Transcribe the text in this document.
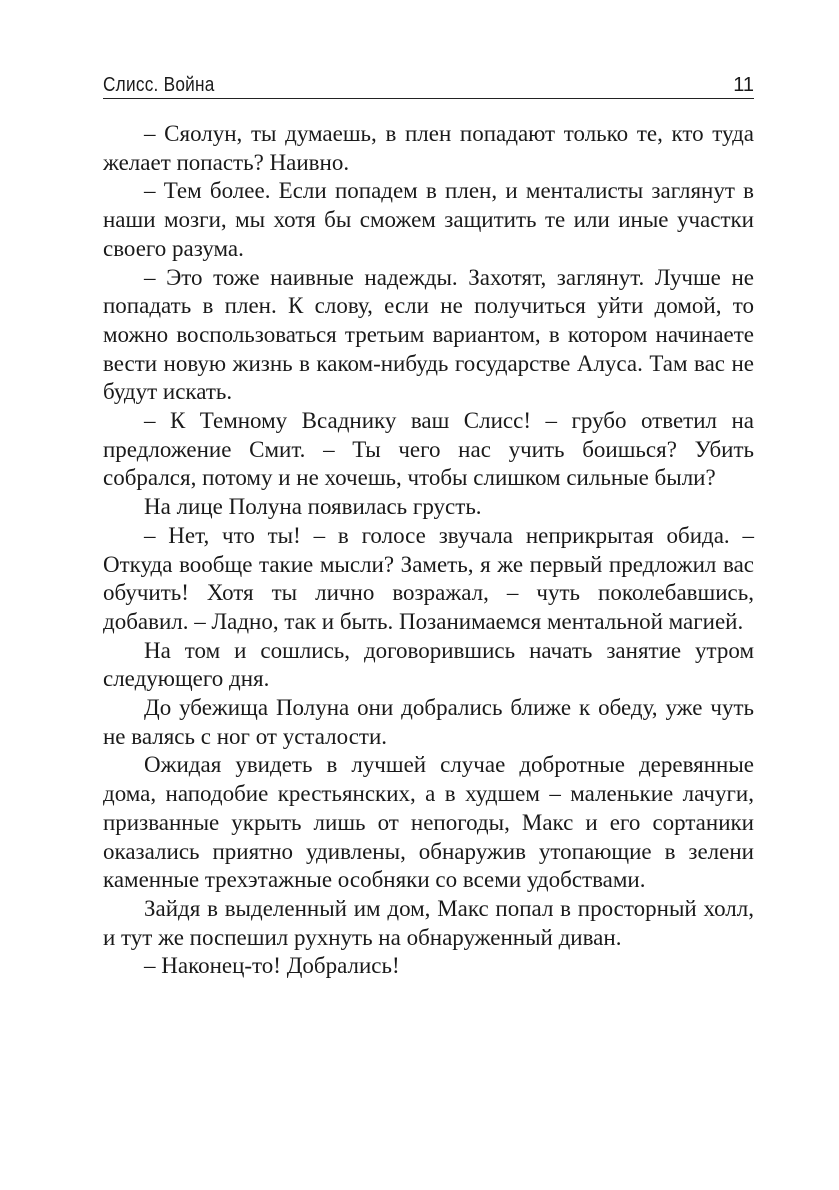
Слисс. Война	11

– Сяолун, ты думаешь, в плен попадают только те, кто туда желает попасть? Наивно.

– Тем более. Если попадем в плен, и менталисты заглянут в наши мозги, мы хотя бы сможем защитить те или иные участки своего разума.

– Это тоже наивные надежды. Захотят, заглянут. Лучше не попадать в плен. К слову, если не получиться уйти домой, то можно воспользоваться третьим вариантом, в котором начинаете вести новую жизнь в каком-нибудь государстве Алуса. Там вас не будут искать.

– К Темному Всаднику ваш Слисс! – грубо ответил на предложение Смит. – Ты чего нас учить боишься? Убить собрался, потому и не хочешь, чтобы слишком сильные были?

На лице Полуна появилась грусть.

– Нет, что ты! – в голосе звучала неприкрытая обида. – Откуда вообще такие мысли? Заметь, я же первый предложил вас обучить! Хотя ты лично возражал, – чуть поколебавшись, добавил. – Ладно, так и быть. Позанимаемся ментальной магией.

На том и сошлись, договорившись начать занятие утром следующего дня.

До убежища Полуна они добрались ближе к обеду, уже чуть не валясь с ног от усталости.

Ожидая увидеть в лучшей случае добротные деревянные дома, наподобие крестьянских, а в худшем – маленькие лачуги, призванные укрыть лишь от непогоды, Макс и его сортаники оказались приятно удивлены, обнаружив утопающие в зелени каменные трехэтажные особняки со всеми удобствами.

Зайдя в выделенный им дом, Макс попал в просторный холл, и тут же поспешил рухнуть на обнаруженный диван.

– Наконец-то! Добрались!
